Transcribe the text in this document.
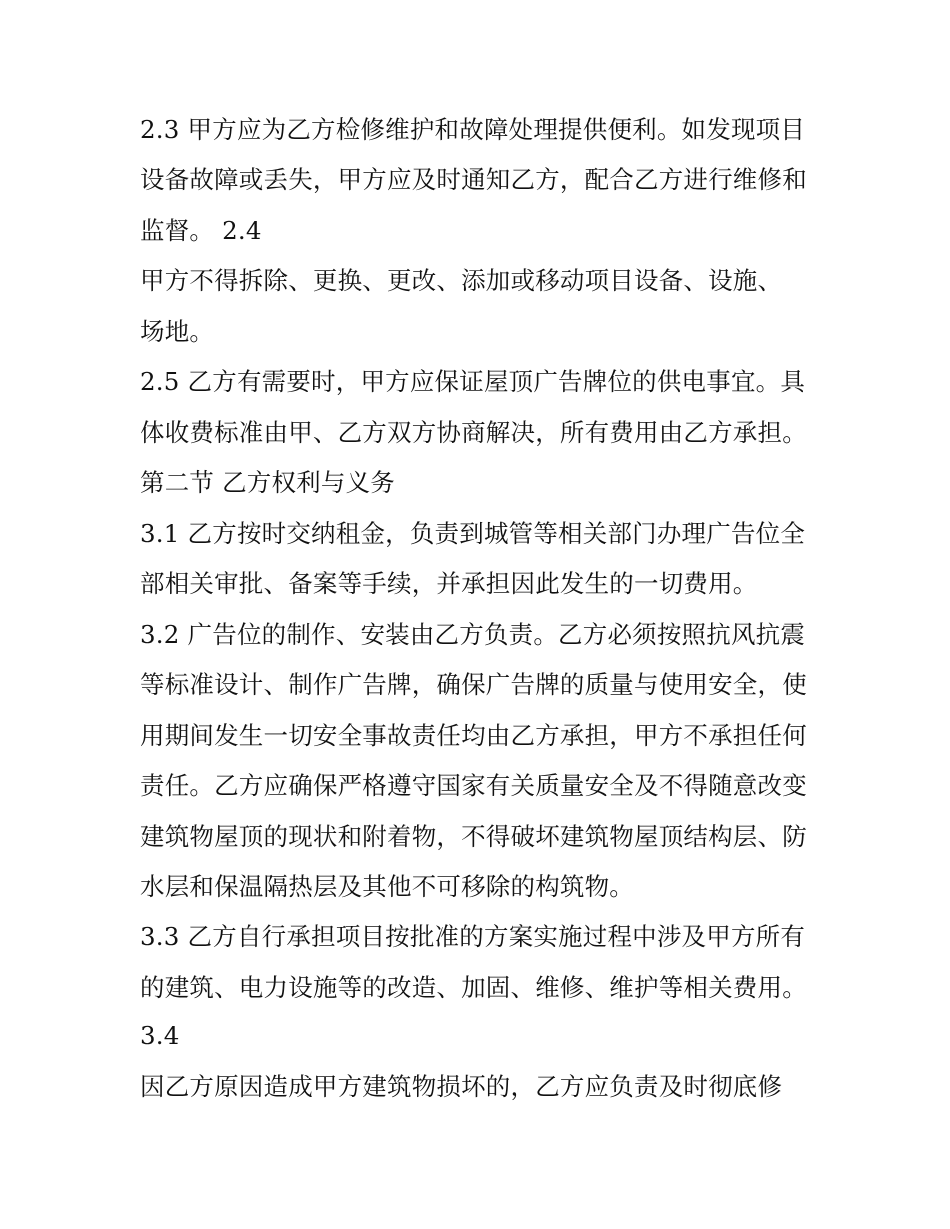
2.3 甲方应为乙方检修维护和故障处理提供便利。如发现项目
设备故障或丢失，甲方应及时通知乙方，配合乙方进行维修和
监督。 2.4
甲方不得拆除、更换、更改、添加或移动项目设备、设施、
场地。
2.5 乙方有需要时，甲方应保证屋顶广告牌位的供电事宜。具
体收费标准由甲、乙方双方协商解决，所有费用由乙方承担。
第二节 乙方权利与义务
3.1 乙方按时交纳租金，负责到城管等相关部门办理广告位全
部相关审批、备案等手续，并承担因此发生的一切费用。
3.2 广告位的制作、安装由乙方负责。乙方必须按照抗风抗震
等标准设计、制作广告牌，确保广告牌的质量与使用安全，使
用期间发生一切安全事故责任均由乙方承担，甲方不承担任何
责任。乙方应确保严格遵守国家有关质量安全及不得随意改变
建筑物屋顶的现状和附着物，不得破坏建筑物屋顶结构层、防
水层和保温隔热层及其他不可移除的构筑物。
3.3 乙方自行承担项目按批准的方案实施过程中涉及甲方所有
的建筑、电力设施等的改造、加固、维修、维护等相关费用。
3.4
因乙方原因造成甲方建筑物损坏的，乙方应负责及时彻底修
